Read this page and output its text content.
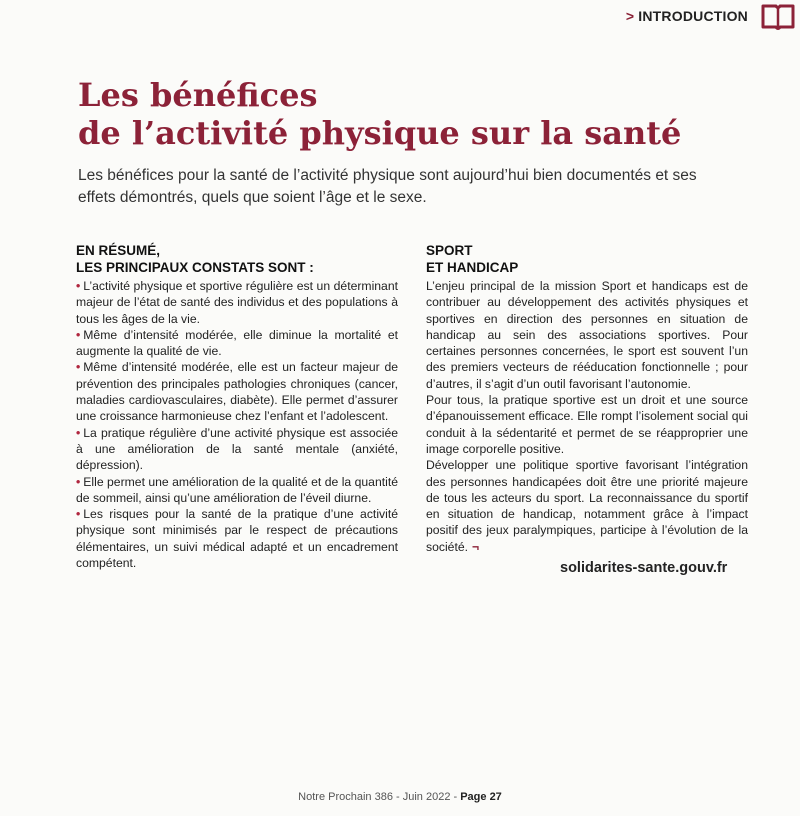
> INTRODUCTION
Les bénéfices
de l’activité physique sur la santé

Les bénéfices pour la santé de l’activité physique sont aujourd’hui bien documentés et ses effets démontrés, quels que soient l’âge et le sexe.

EN RÉSUMÉ,
LES PRINCIPAUX CONSTATS SONT :
• L’activité physique et sportive régulière est un déterminant majeur de l’état de santé des individus et des populations à tous les âges de la vie.
• Même d’intensité modérée, elle diminue la mortalité et augmente la qualité de vie.
• Même d’intensité modérée, elle est un facteur majeur de prévention des principales pathologies chroniques (cancer, maladies cardiovasculaires, diabète). Elle permet d’assurer une croissance harmonieuse chez l’enfant et l’adolescent.
• La pratique régulière d’une activité physique est associée à une amélioration de la santé mentale (anxiété, dépression).
• Elle permet une amélioration de la qualité et de la quantité de sommeil, ainsi qu’une amélioration de l’éveil diurne.
• Les risques pour la santé de la pratique d’une activité physique sont minimisés par le respect de précautions élémentaires, un suivi médical adapté et un encadrement compétent.
SPORT
ET HANDICAP

L’enjeu principal de la mission Sport et handicaps est de contribuer au développement des activités physiques et sportives en direction des personnes en situation de handicap au sein des associations sportives. Pour certaines personnes concernées, le sport est souvent l’un des premiers vecteurs de rééducation fonctionnelle ; pour d’autres, il s’agit d’un outil favorisant l’autonomie.

Pour tous, la pratique sportive est un droit et une source d’épanouissement efficace. Elle rompt l’isolement social qui conduit à la sédentarité et permet de se réapproprier une image corporelle positive.

Développer une politique sportive favorisant l’intégration des personnes handicapées doit être une priorité majeure de tous les acteurs du sport. La reconnaissance du sportif en situation de handicap, notamment grâce à l’impact positif des jeux paralympiques, participe à l’évolution de la société. ¬

solidarites-sante.gouv.fr
Notre Prochain 386 - Juin 2022 - Page 27
